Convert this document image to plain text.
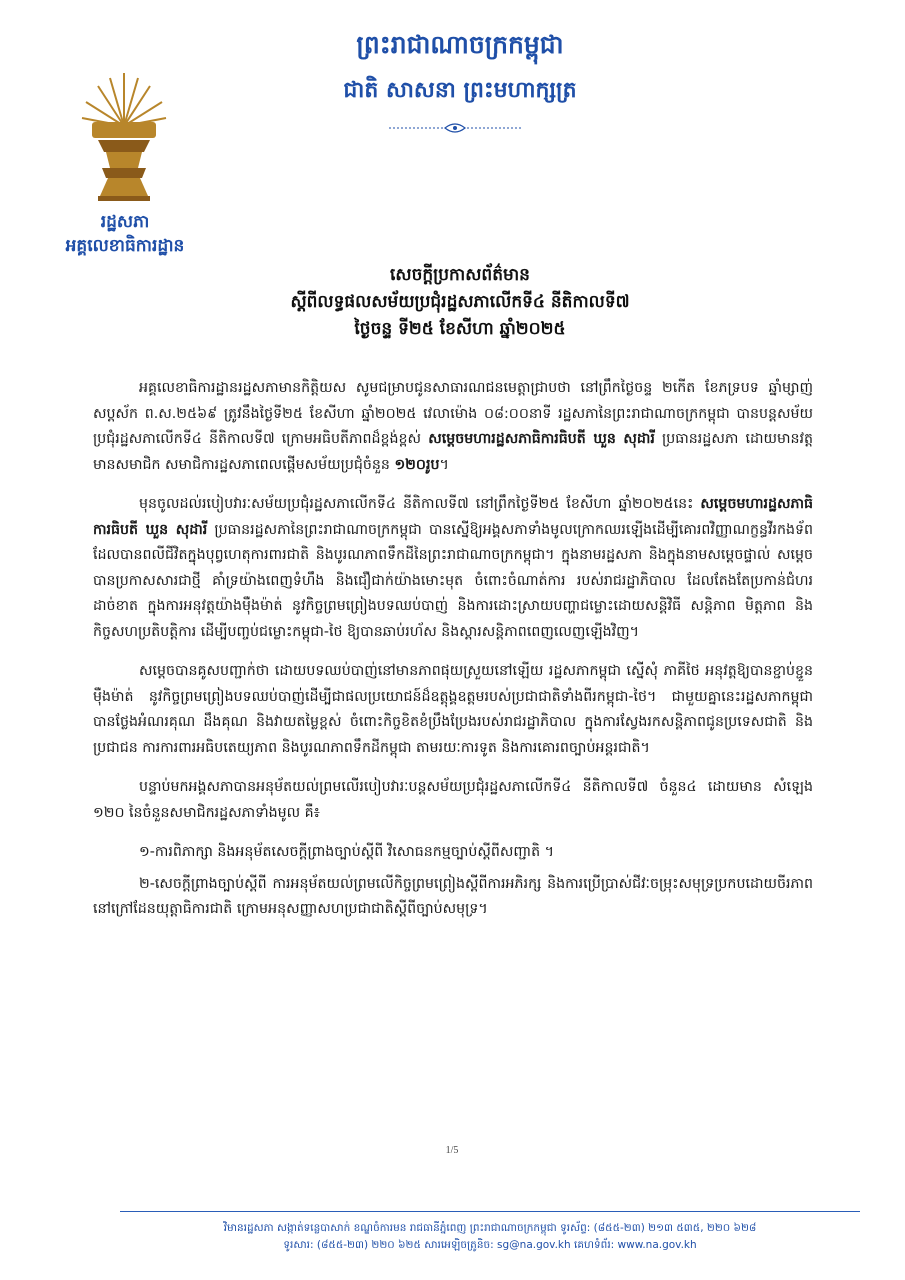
ព្រះរាជាណាចក្រកម្ពុជា
ជាតិ សាសនា ព្រះមហាក្សត្រ
រដ្ឋសភា
អគ្គលេខាធិការដ្ឋាន
សេចក្ដីប្រកាសព័ត៌មាន
ស្ដីពីលទ្ធផលសម័យប្រជុំរដ្ឋសភាលើកទី៤ នីតិកាលទី៧
ថ្ងៃចន្ទ ទី២៥ ខែសីហា ឆ្នាំ២០២៥

អគ្គលេខាធិការដ្ឋានរដ្ឋសភាមានកិត្តិយស សូមជម្រាបជូនសាធារណជនមេត្តាជ្រាបថា នៅព្រឹកថ្ងៃចន្ទ ២កើត ខែភទ្របទ ឆ្នាំម្សាញ់ សប្ដស័ក ព.ស.២៥៦៩ ត្រូវនឹងថ្ងៃទី២៥ ខែសីហា ឆ្នាំ២០២៥ វេលាម៉ោង ០៨:០០នាទី រដ្ឋសភានៃព្រះរាជាណាចក្រកម្ពុជា បានបន្តសម័យប្រជុំរដ្ឋសភាលើកទី៤ នីតិកាលទី៧ ក្រោមអធិបតីភាពដ៏ខ្ពង់ខ្ពស់ សម្ដេចមហារដ្ឋសភាធិការធិបតី ឃួន សុដារី ប្រធានរដ្ឋសភា ដោយមានវត្តមានសមាជិក សមាជិការដ្ឋសភាពេលផ្ដើមសម័យប្រជុំចំនួន ១២០រូប។

មុនចូលដល់របៀបវារៈសម័យប្រជុំរដ្ឋសភាលើកទី៤ នីតិកាលទី៧ នៅព្រឹកថ្ងៃទី២៥ ខែសីហា ឆ្នាំ២០២៥នេះ សម្ដេចមហារដ្ឋសភាធិការធិបតី ឃួន សុដារី ប្រធានរដ្ឋសភានៃព្រះរាជាណាចក្រកម្ពុជា បានស្នើឱ្យអង្គសភាទាំងមូលក្រោកឈរឡើងដើម្បីគោរពវិញ្ញាណក្ខន្ធវីរកងទ័ព ដែលបានពលីជីវិតក្នុងបុព្វហេតុការពារជាតិ និងបូរណភាពទឹកដីនៃព្រះរាជាណាចក្រកម្ពុជា។ ក្នុងនាមរដ្ឋសភា និងក្នុងនាមសម្ដេចផ្ទាល់ សម្ដេចបានប្រកាសសារជាថ្មី គាំទ្រយ៉ាងពេញទំហឹង និងជឿជាក់យ៉ាងមោះមុត ចំពោះចំណាត់ការ របស់រាជរដ្ឋាភិបាល ដែលតែងតែប្រកាន់ជំហរដាច់ខាត ក្នុងការអនុវត្តយ៉ាងម៉ឺងម៉ាត់ នូវកិច្ចព្រមព្រៀងបទឈប់បាញ់ និងការដោះស្រាយបញ្ហាជម្លោះដោយសន្តិវិធី សន្តិភាព មិត្តភាព និងកិច្ចសហប្រតិបត្តិការ ដើម្បីបញ្ចប់ជម្លោះកម្ពុជា-ថៃ ឱ្យបានឆាប់រហ័ស និងស្ដារសន្តិភាពពេញលេញឡើងវិញ។

សម្ដេចបានគូសបញ្ជាក់ថា ដោយបទឈប់បាញ់នៅមានភាពផុយស្រួយនៅឡើយ រដ្ឋសភាកម្ពុជា ស្នើសុំ ភាគីថៃ អនុវត្តឱ្យបានខ្ជាប់ខ្ជួន ម៉ឺងម៉ាត់ នូវកិច្ចព្រមព្រៀងបទឈប់បាញ់ដើម្បីជាផលប្រយោជន៍ដ៏ឧត្ដុង្គឧត្ដមរបស់ប្រជាជាតិទាំងពីរកម្ពុជា-ថៃ។ ជាមួយគ្នានេះរដ្ឋសភាកម្ពុជា បានថ្លែងអំណរគុណ ដឹងគុណ និងវាយតម្លៃខ្ពស់ ចំពោះកិច្ចខិតខំប្រឹងប្រែងរបស់រាជរដ្ឋាភិបាល ក្នុងការស្វែងរកសន្តិភាពជូនប្រទេសជាតិ និងប្រជាជន ការការពារអធិបតេយ្យភាព និងបូរណភាពទឹកដីកម្ពុជា តាមរយៈការទូត និងការគោរពច្បាប់អន្តរជាតិ។

បន្ទាប់មកអង្គសភាបានអនុម័តយល់ព្រមលើរបៀបវារៈបន្តសម័យប្រជុំរដ្ឋសភាលើកទី៤ នីតិកាលទី៧ ចំនួន៤ ដោយមាន សំឡេង ១២០ នៃចំនួនសមាជិករដ្ឋសភាទាំងមូល គឺ៖

១-ការពិភាក្សា និងអនុម័តសេចក្ដីព្រាងច្បាប់ស្ដីពី វិសោធនកម្មច្បាប់ស្ដីពីសញ្ជាតិ ។

២-សេចក្ដីព្រាងច្បាប់ស្ដីពី ការអនុម័តយល់ព្រមលើកិច្ចព្រមព្រៀងស្ដីពីការអភិរក្ស និងការប្រើប្រាស់ជីវៈចម្រុះសមុទ្រប្រកបដោយចីរភាព នៅក្រៅដែនយុត្តាធិការជាតិ ក្រោមអនុសញ្ញាសហប្រជាជាតិស្ដីពីច្បាប់សមុទ្រ។

1/5
វិមានរដ្ឋសភា សង្កាត់ទន្លេបាសាក់ ខណ្ឌចំការមន រាជធានីភ្នំពេញ ព្រះរាជាណាចក្រកម្ពុជា ទូរស័ព្ទ: (៨៥៥-២៣) ២១៣ ៥៣៥, ២២០ ៦២៨
ទូរសារ: (៨៥៥-២៣) ២២០ ៦២៥ សារអេឡិចត្រូនិច: sg@na.gov.kh គេហទំព័រ: www.na.gov.kh
